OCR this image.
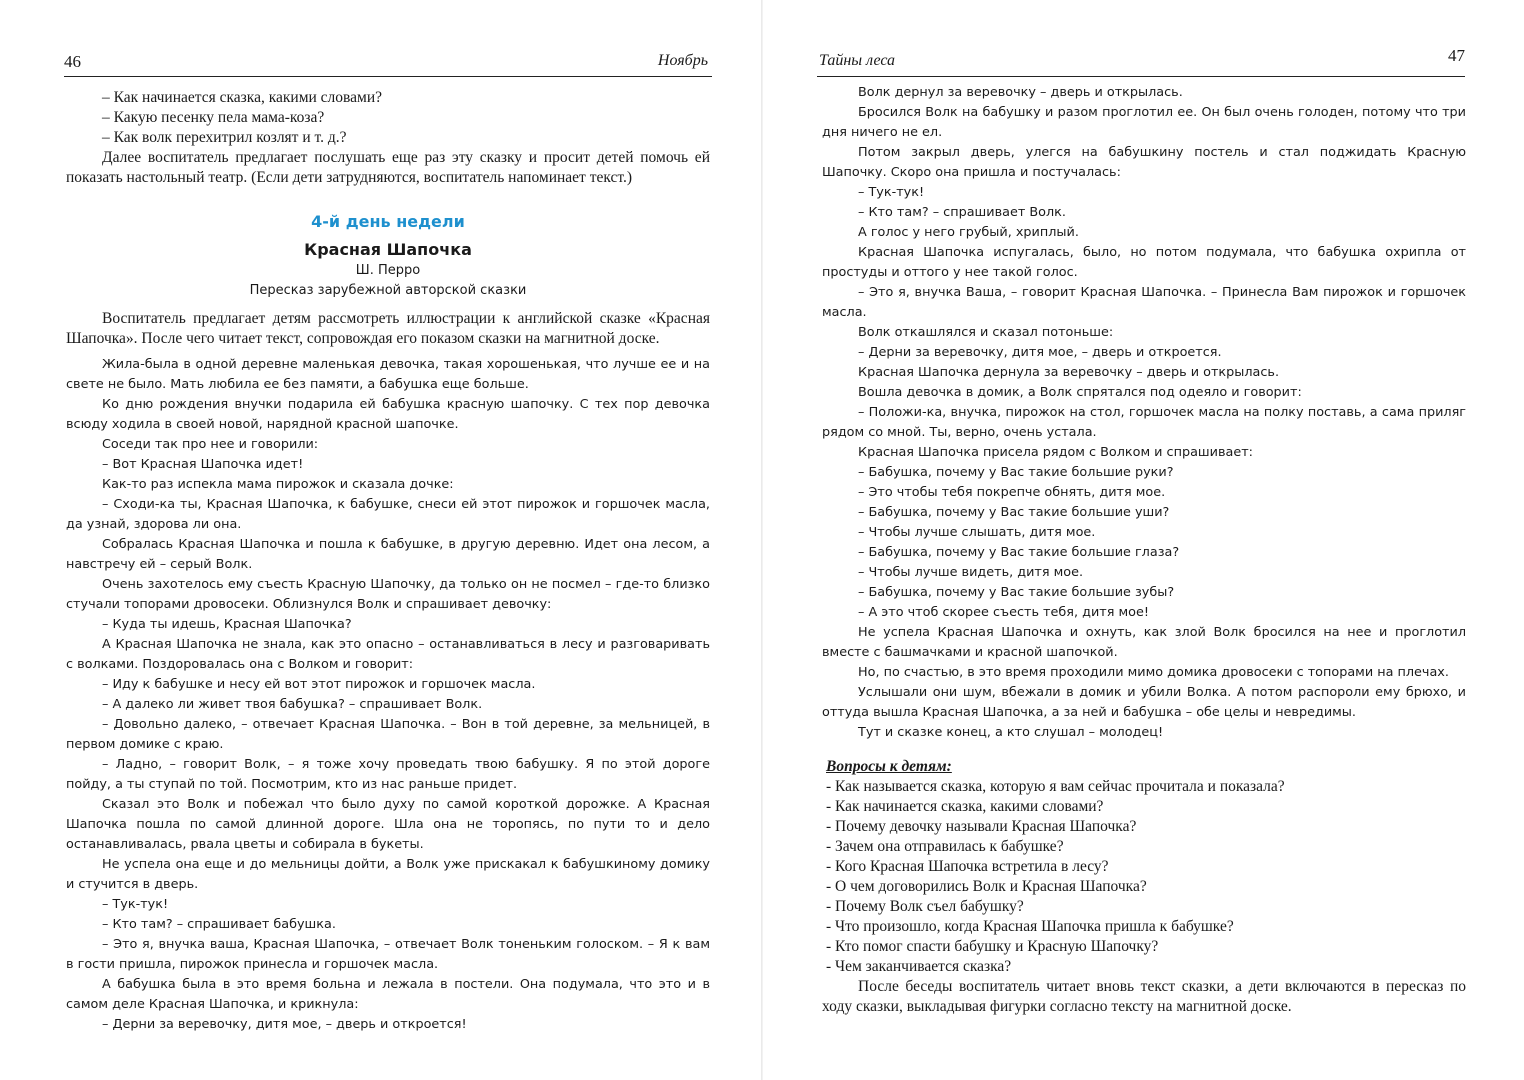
46	Ноябрь

– Как начинается сказка, какими словами?

– Какую песенку пела мама-коза?

– Как волк перехитрил козлят и т. д.?

Далее воспитатель предлагает послушать еще раз эту сказку и просит детей помочь ей показать настольный театр. (Если дети затрудняются, воспитатель напоминает текст.)

4-й день недели

Красная Шапочка

Ш. Перро

Пересказ зарубежной авторской сказки

Воспитатель предлагает детям рассмотреть иллюстрации к английской сказке «Красная Шапочка». После чего читает текст, сопровождая его показом сказки на магнитной доске.

Жила-была в одной деревне маленькая девочка, такая хорошенькая, что лучше ее и на свете не было. Мать любила ее без памяти, а бабушка еще больше.

Ко дню рождения внучки подарила ей бабушка красную шапочку. С тех пор девочка всюду ходила в своей новой, нарядной красной шапочке.

Соседи так про нее и говорили:

– Вот Красная Шапочка идет!

Как-то раз испекла мама пирожок и сказала дочке:

– Сходи-ка ты, Красная Шапочка, к бабушке, снеси ей этот пирожок и горшочек масла, да узнай, здорова ли она.

Собралась Красная Шапочка и пошла к бабушке, в другую деревню. Идет она лесом, а навстречу ей – серый Волк.

Очень захотелось ему съесть Красную Шапочку, да только он не посмел – где-то близко стучали топорами дровосеки. Облизнулся Волк и спрашивает девочку:

– Куда ты идешь, Красная Шапочка?

А Красная Шапочка не знала, как это опасно – останавливаться в лесу и разговаривать с волками. Поздоровалась она с Волком и говорит:

– Иду к бабушке и несу ей вот этот пирожок и горшочек масла.

– А далеко ли живет твоя бабушка? – спрашивает Волк.

– Довольно далеко, – отвечает Красная Шапочка. – Вон в той деревне, за мельницей, в первом домике с краю.

– Ладно, – говорит Волк, – я тоже хочу проведать твою бабушку. Я по этой дороге пойду, а ты ступай по той. Посмотрим, кто из нас раньше придет.

Сказал это Волк и побежал что было духу по самой короткой дорожке. А Красная Шапочка пошла по самой длинной дороге. Шла она не торопясь, по пути то и дело останавливалась, рвала цветы и собирала в букеты.

Не успела она еще и до мельницы дойти, а Волк уже прискакал к бабушкиному домику и стучится в дверь.

– Тук-тук!

– Кто там? – спрашивает бабушка.

– Это я, внучка ваша, Красная Шапочка, – отвечает Волк тоненьким голоском. – Я к вам в гости пришла, пирожок принесла и горшочек масла.

А бабушка была в это время больна и лежала в постели. Она подумала, что это и в самом деле Красная Шапочка, и крикнула:

– Дерни за веревочку, дитя мое, – дверь и откроется!

Тайны леса	47

Волк дернул за веревочку – дверь и открылась.

Бросился Волк на бабушку и разом проглотил ее. Он был очень голоден, потому что три дня ничего не ел.

Потом закрыл дверь, улегся на бабушкину постель и стал поджидать Красную Шапочку. Скоро она пришла и постучалась:

– Тук-тук!

– Кто там? – спрашивает Волк.

А голос у него грубый, хриплый.

Красная Шапочка испугалась, было, но потом подумала, что бабушка охрипла от простуды и оттого у нее такой голос.

– Это я, внучка Ваша, – говорит Красная Шапочка. – Принесла Вам пирожок и горшочек масла.

Волк откашлялся и сказал потоньше:

– Дерни за веревочку, дитя мое, – дверь и откроется.

Красная Шапочка дернула за веревочку – дверь и открылась.

Вошла девочка в домик, а Волк спрятался под одеяло и говорит:

– Положи-ка, внучка, пирожок на стол, горшочек масла на полку поставь, а сама приляг рядом со мной. Ты, верно, очень устала.

Красная Шапочка присела рядом с Волком и спрашивает:

– Бабушка, почему у Вас такие большие руки?

– Это чтобы тебя покрепче обнять, дитя мое.

– Бабушка, почему у Вас такие большие уши?

– Чтобы лучше слышать, дитя мое.

– Бабушка, почему у Вас такие большие глаза?

– Чтобы лучше видеть, дитя мое.

– Бабушка, почему у Вас такие большие зубы?

– А это чтоб скорее съесть тебя, дитя мое!

Не успела Красная Шапочка и охнуть, как злой Волк бросился на нее и проглотил вместе с башмачками и красной шапочкой.

Но, по счастью, в это время проходили мимо домика дровосеки с топорами на плечах.

Услышали они шум, вбежали в домик и убили Волка. А потом распороли ему брюхо, и оттуда вышла Красная Шапочка, а за ней и бабушка – обе целы и невредимы.

Тут и сказке конец, а кто слушал – молодец!

Вопросы к детям:

- Как называется сказка, которую я вам сейчас прочитала и показала?

- Как начинается сказка, какими словами?

- Почему девочку называли Красная Шапочка?

- Зачем она отправилась к бабушке?

- Кого Красная Шапочка встретила в лесу?

- О чем договорились Волк и Красная Шапочка?

- Почему Волк съел бабушку?

- Что произошло, когда Красная Шапочка пришла к бабушке?

- Кто помог спасти бабушку и Красную Шапочку?

- Чем заканчивается сказка?

После беседы воспитатель читает вновь текст сказки, а дети включаются в пересказ по ходу сказки, выкладывая фигурки согласно тексту на магнитной доске.
